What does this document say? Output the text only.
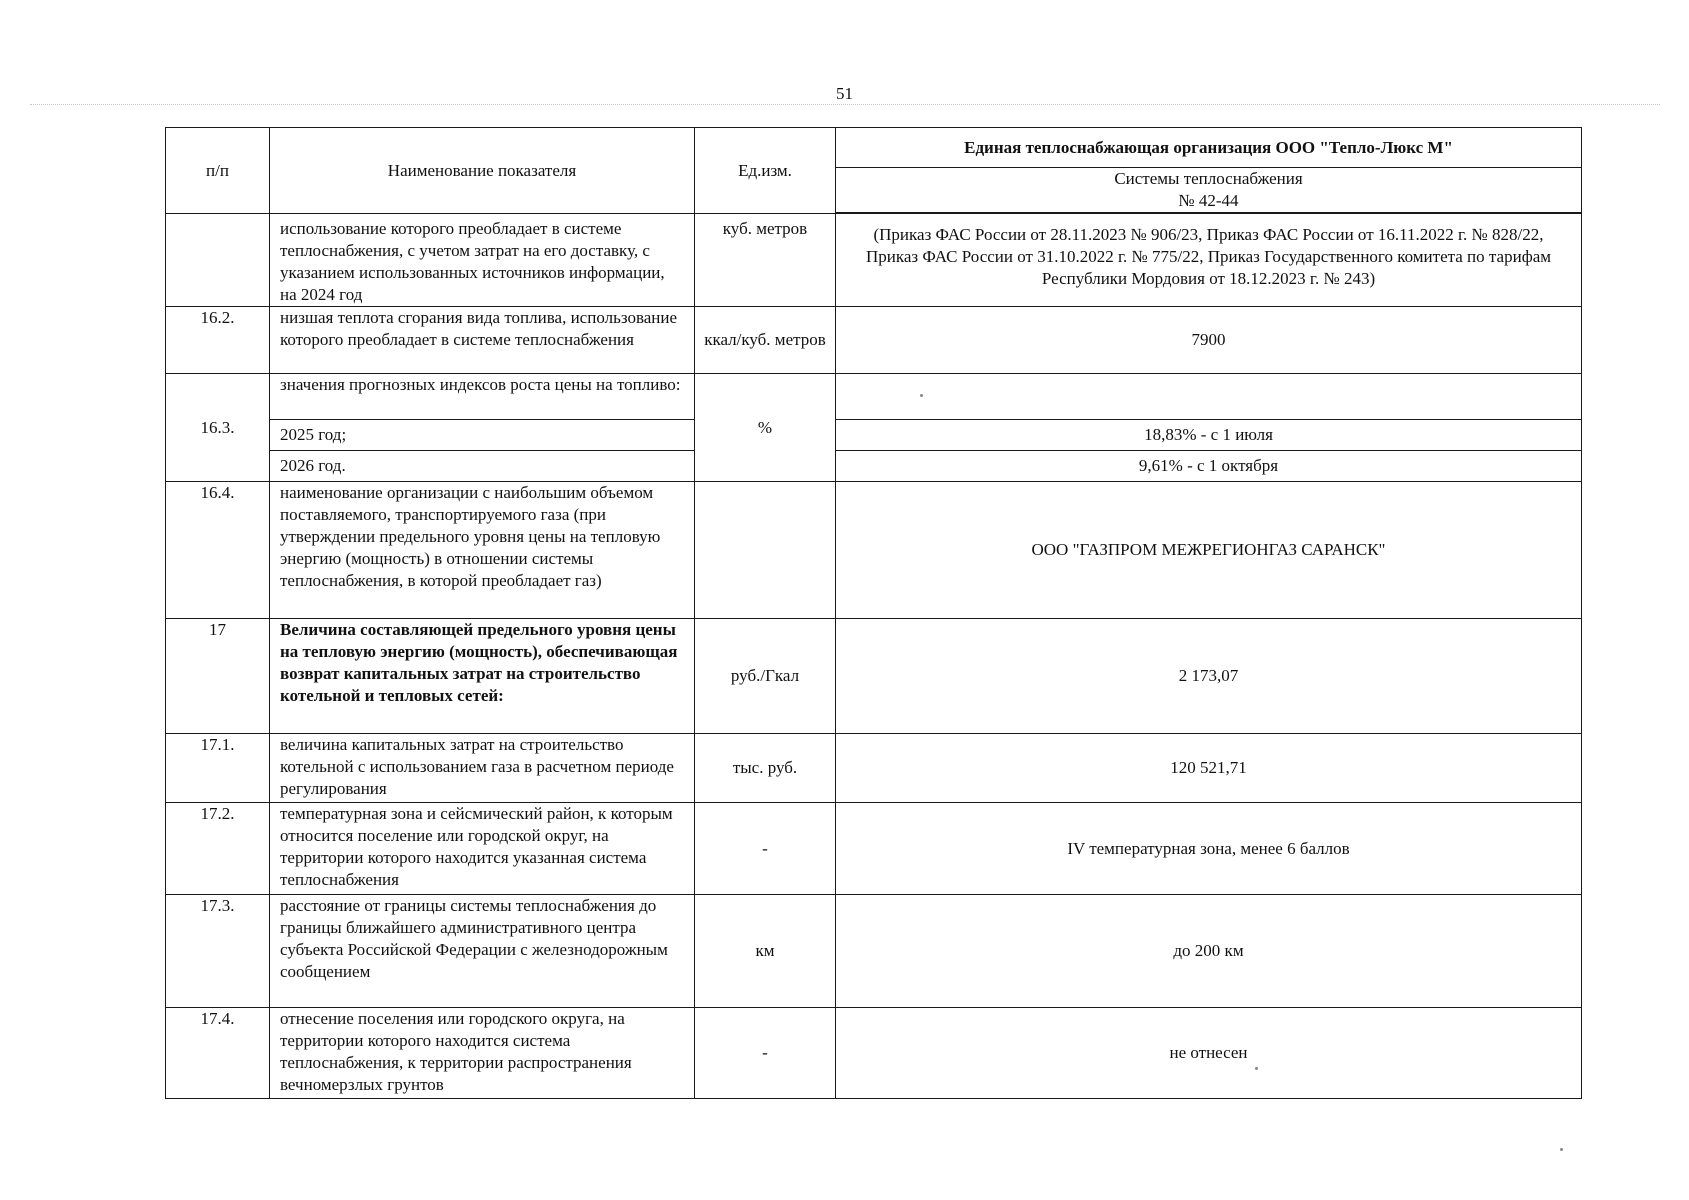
51
п/п	Наименование показателя	Ед.изм.	Единая теплоснабжающая организация ООО "Тепло-Люкс М"

			Системы теплоснабжения
№ 42-44

	использование которого преобладает в системе теплоснабжения, с учетом затрат на его доставку, с указанием использованных источников информации, на 2024 год	куб. метров	(Приказ ФАС России от 28.11.2023 № 906/23, Приказ ФАС России от 16.11.2022 г. № 828/22, Приказ ФАС России от 31.10.2022 г. № 775/22, Приказ Государственного комитета по тарифам Республики Мордовия от 18.12.2023 г. № 243)
16.2.	низшая теплота сгорания вида топлива, использование которого преобладает в системе теплоснабжения	ккал/куб. метров	7900
16.3.	значения прогнозных индексов роста цены на топливо:	%	
	2025 год;		18,83% - с 1 июля
	2026 год.		9,61% - с 1 октября
16.4.	наименование организации с наибольшим объемом поставляемого, транспортируемого газа (при утверждении предельного уровня цены на тепловую энергию (мощность) в отношении системы теплоснабжения, в которой преобладает газ)		ООО "ГАЗПРОМ МЕЖРЕГИОНГАЗ САРАНСК"
17	Величина составляющей предельного уровня цены на тепловую энергию (мощность), обеспечивающая возврат капитальных затрат на строительство котельной и тепловых сетей:	руб./Гкал	2 173,07
17.1.	величина капитальных затрат на строительство котельной с использованием газа в расчетном периоде регулирования	тыс. руб.	120 521,71
17.2.	температурная зона и сейсмический район, к которым относится поселение или городской округ, на территории которого находится указанная система теплоснабжения	-	IV температурная зона, менее 6 баллов
17.3.	расстояние от границы системы теплоснабжения до границы ближайшего административного центра субъекта Российской Федерации с железнодорожным сообщением	км	до 200 км
17.4.	отнесение поселения или городского округа, на территории которого находится система теплоснабжения, к территории распространения вечномерзлых грунтов	-	не отнесен
